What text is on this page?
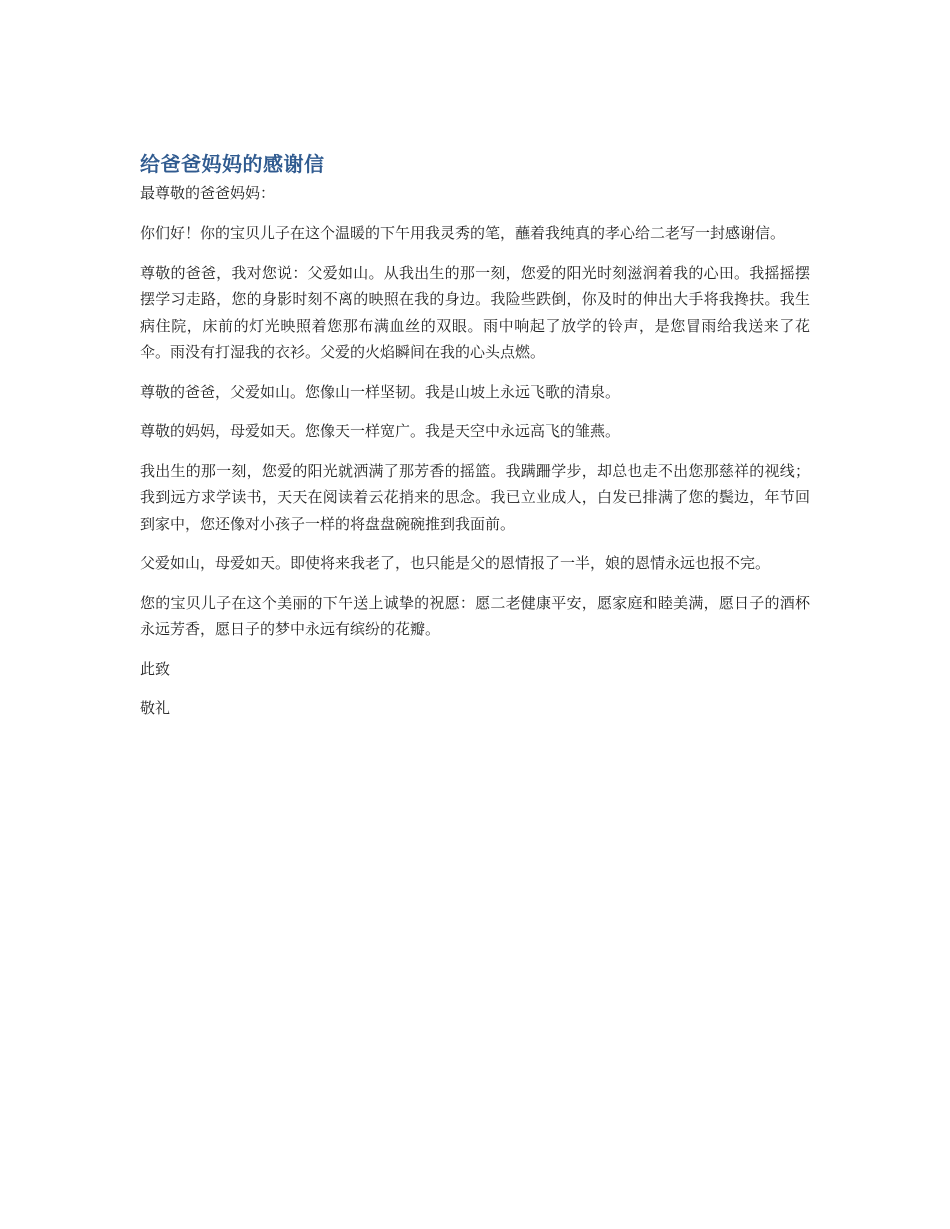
给爸爸妈妈的感谢信
最尊敬的爸爸妈妈：

你们好！你的宝贝儿子在这个温暖的下午用我灵秀的笔，蘸着我纯真的孝心给二老写一封感谢信。

尊敬的爸爸，我对您说：父爱如山。从我出生的那一刻，您爱的阳光时刻滋润着我的心田。我摇摇摆摆学习走路，您的身影时刻不离的映照在我的身边。我险些跌倒，你及时的伸出大手将我搀扶。我生病住院，床前的灯光映照着您那布满血丝的双眼。雨中响起了放学的铃声，是您冒雨给我送来了花伞。雨没有打湿我的衣衫。父爱的火焰瞬间在我的心头点燃。

尊敬的爸爸，父爱如山。您像山一样坚韧。我是山坡上永远飞歌的清泉。

尊敬的妈妈，母爱如天。您像天一样宽广。我是天空中永远高飞的雏燕。

我出生的那一刻，您爱的阳光就洒满了那芳香的摇篮。我蹒跚学步，却总也走不出您那慈祥的视线；我到远方求学读书，天天在阅读着云花捎来的思念。我已立业成人，白发已排满了您的鬓边，年节回到家中，您还像对小孩子一样的将盘盘碗碗推到我面前。

父爱如山，母爱如天。即使将来我老了，也只能是父的恩情报了一半，娘的恩情永远也报不完。

您的宝贝儿子在这个美丽的下午送上诚挚的祝愿：愿二老健康平安，愿家庭和睦美满，愿日子的酒杯永远芳香，愿日子的梦中永远有缤纷的花瓣。

此致

敬礼
